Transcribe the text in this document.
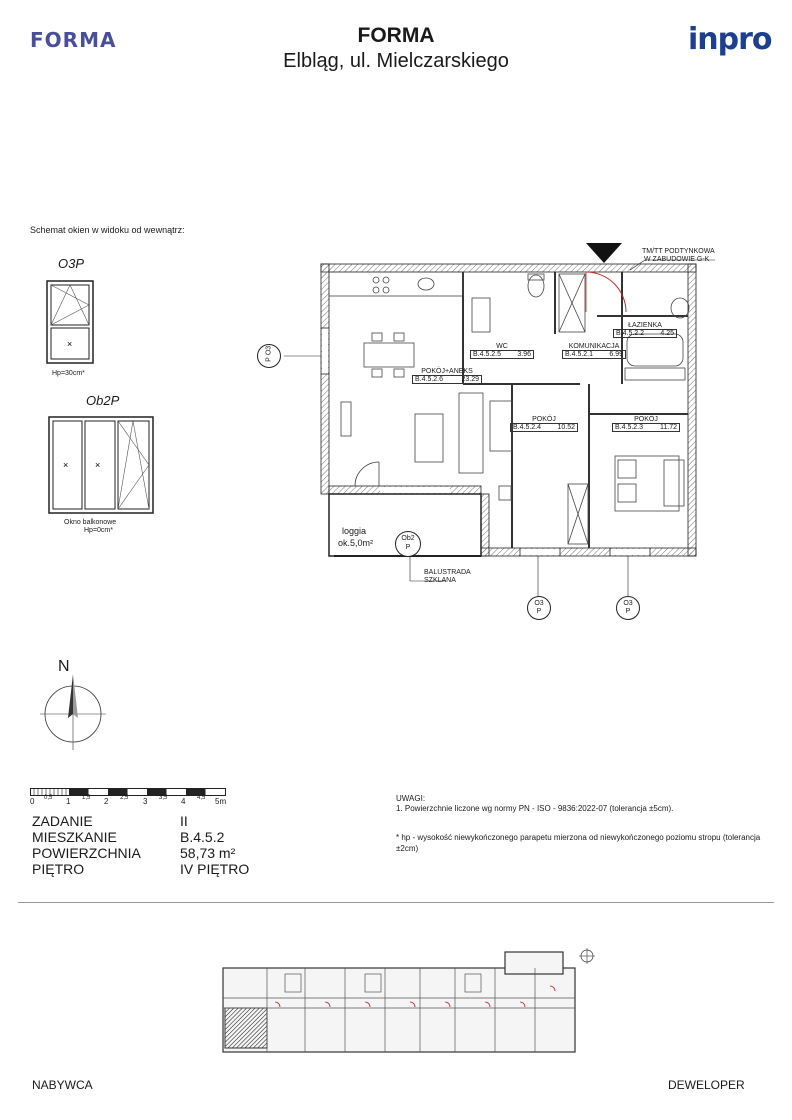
FORMA	FORMA
Elbląg, ul. Mielczarskiego
inpro
Schemat okien w widoku od wewnątrz:
O3P
×
Hp=30cm*
Ob2P
×	×
Okno balkonowe
Hp=0cm*
TM/TT PODTYNKOWA
W ZABUDOWIE G-K
WC
B.4.5.2.5 3.96
KOMUNIKACJA
B.4.5.2.1 6.99
ŁAZIENKA
B.4.5.2.2 4.25
POKÓJ+ANEKS
B.4.5.2.6	23.29
POKÓJ
B.4.5.2.4 10.52
POKÓJ
B.4.5.2.3 11.72
loggia
ok.5,0m²
BALUSTRADA
SZKLANA
O3
P
Ob2
P
O3
P
O3
P
N
0 0,5 1 1,5 2 2,5 3 3,5 4 4,5 5m
ZADANIE	II
MIESZKANIE	B.4.5.2
POWIERZCHNIA	58,73 m²
PIĘTRO	IV PIĘTRO
UWAGI:
1. Powierzchnie liczone wg normy PN - ISO - 9836:2022-07 (tolerancja ±5cm).
* hp - wysokość niewykończonego parapetu mierzona od niewykończonego poziomu stropu (tolerancja
±2cm)
NABYWCA	DEWELOPER
